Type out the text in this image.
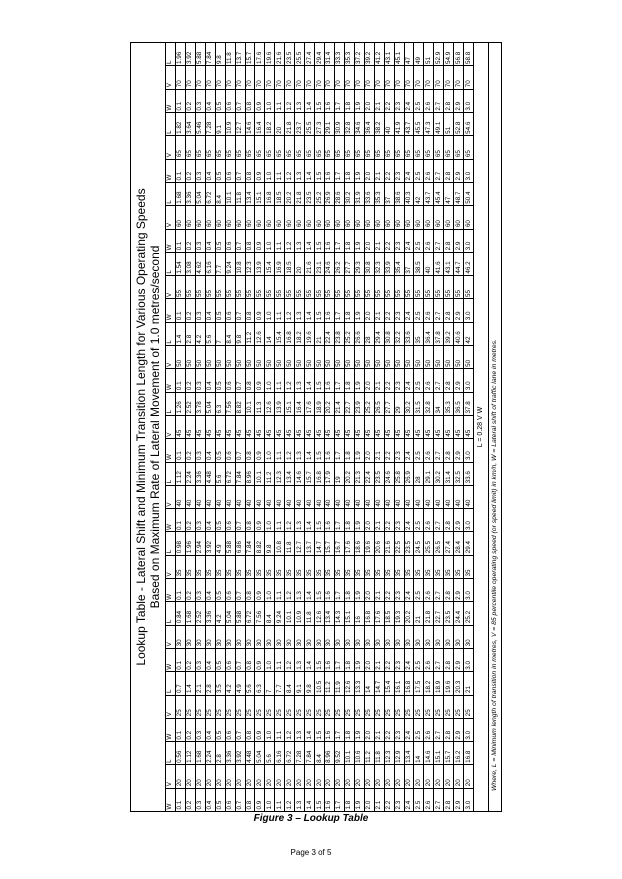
Lookup Table - Lateral Shift and Minimum Transition Length for Various Operating Speeds Based on Maximum Rate of Lateral Movement of 1.0 metres/second
W	V	L	W	V	L	W	V	L	W	V	L	W	V	L	W	V	L	W	V	L	W	V	L	W	V	L	W	V	L	W	V	L
0.1	20	0.56	0.1	25	0.7	0.1	30	0.84	0.1	35	0.98	0.1	40	1.12	0.1	45	1.26	0.1	50	1.4	0.1	55	1.54	0.1	60	1.68	0.1	65	1.82	0.1	70	1.96
0.2	20	1.12	0.2	25	1.4	0.2	30	1.68	0.2	35	1.96	0.2	40	2.24	0.2	45	2.52	0.2	50	2.8	0.2	55	3.08	0.2	60	3.36	0.2	65	3.64	0.2	70	3.92
0.3	20	1.68	0.3	25	2.1	0.3	30	2.52	0.3	35	2.94	0.3	40	3.36	0.3	45	3.78	0.3	50	4.2	0.3	55	4.62	0.3	60	5.04	0.3	65	5.46	0.3	70	5.88
0.4	20	2.24	0.4	25	2.8	0.4	30	3.36	0.4	35	3.92	0.4	40	4.48	0.4	45	5.04	0.4	50	5.6	0.4	55	6.16	0.4	60	6.72	0.4	65	7.28	0.4	70	7.84
0.5	20	2.8	0.5	25	3.5	0.5	30	4.2	0.5	35	4.9	0.5	40	5.6	0.5	45	6.3	0.5	50	7	0.5	55	7.7	0.5	60	8.4	0.5	65	9.1	0.5	70	9.8
0.6	20	3.36	0.6	25	4.2	0.6	30	5.04	0.6	35	5.88	0.6	40	6.72	0.6	45	7.56	0.6	50	8.4	0.6	55	9.24	0.6	60	10.1	0.6	65	10.9	0.6	70	11.8
0.7	20	3.92	0.7	25	4.9	0.7	30	5.88	0.7	35	6.86	0.7	40	7.84	0.7	45	8.82	0.7	50	9.8	0.7	55	10.8	0.7	60	11.8	0.7	65	12.7	0.7	70	13.7
0.8	20	4.48	0.8	25	5.6	0.8	30	6.72	0.8	35	7.84	0.8	40	8.96	0.8	45	10.1	0.8	50	11.2	0.8	55	12.3	0.8	60	13.4	0.8	65	14.6	0.8	70	15.7
0.9	20	5.04	0.9	25	6.3	0.9	30	7.56	0.9	35	8.82	0.9	40	10.1	0.9	45	11.3	0.9	50	12.6	0.9	55	13.9	0.9	60	15.1	0.9	65	16.4	0.9	70	17.6
1.0	20	5.6	1.0	25	7	1.0	30	8.4	1.0	35	9.8	1.0	40	11.2	1.0	45	12.6	1.0	50	14	1.0	55	15.4	1.0	60	16.8	1.0	65	18.2	1.0	70	19.6
1.1	20	6.16	1.1	25	7.7	1.1	30	9.24	1.1	35	10.8	1.1	40	12.3	1.1	45	13.9	1.1	50	15.4	1.1	55	16.9	1.1	60	18.5	1.1	65	20	1.1	70	21.6
1.2	20	6.72	1.2	25	8.4	1.2	30	10.1	1.2	35	11.8	1.2	40	13.4	1.2	45	15.1	1.2	50	16.8	1.2	55	18.5	1.2	60	20.2	1.2	65	21.8	1.2	70	23.5
1.3	20	7.28	1.3	25	9.1	1.3	30	10.9	1.3	35	12.7	1.3	40	14.6	1.3	45	16.4	1.3	50	18.2	1.3	55	20	1.3	60	21.8	1.3	65	23.7	1.3	70	25.5
1.4	20	7.84	1.4	25	9.8	1.4	30	11.8	1.4	35	13.7	1.4	40	15.7	1.4	45	17.6	1.4	50	19.6	1.4	55	21.6	1.4	60	23.5	1.4	65	25.5	1.4	70	27.4
1.5	20	8.4	1.5	25	10.5	1.5	30	12.6	1.5	35	14.7	1.5	40	16.8	1.5	45	18.9	1.5	50	21	1.5	55	23.1	1.5	60	25.2	1.5	65	27.3	1.5	70	29.4
1.6	20	8.96	1.6	25	11.2	1.6	30	13.4	1.6	35	15.7	1.6	40	17.9	1.6	45	20.2	1.6	50	22.4	1.6	55	24.6	1.6	60	26.9	1.6	65	29.1	1.6	70	31.4
1.7	20	9.52	1.7	25	11.9	1.7	30	14.3	1.7	35	16.7	1.7	40	19	1.7	45	21.4	1.7	50	23.8	1.7	55	26.2	1.7	60	28.6	1.7	65	30.9	1.7	70	33.3
1.8	20	10.1	1.8	25	12.6	1.8	30	15.1	1.8	35	17.6	1.8	40	20.2	1.8	45	22.7	1.8	50	25.2	1.8	55	27.7	1.8	60	30.2	1.8	65	32.8	1.8	70	35.3
1.9	20	10.6	1.9	25	13.3	1.9	30	16	1.9	35	18.6	1.9	40	21.3	1.9	45	23.9	1.9	50	26.6	1.9	55	29.3	1.9	60	31.9	1.9	65	34.6	1.9	70	37.2
2.0	20	11.2	2.0	25	14	2.0	30	16.8	2.0	35	19.6	2.0	40	22.4	2.0	45	25.2	2.0	50	28	2.0	55	30.8	2.0	60	33.6	2.0	65	36.4	2.0	70	39.2
2.1	20	11.8	2.1	25	14.7	2.1	30	17.6	2.1	35	20.6	2.1	40	23.5	2.1	45	26.5	2.1	50	29.4	2.1	55	32.3	2.1	60	35.3	2.1	65	38.2	2.1	70	41.2
2.2	20	12.3	2.2	25	15.4	2.2	30	18.5	2.2	35	21.6	2.2	40	24.6	2.2	45	27.7	2.2	50	30.8	2.2	55	33.9	2.2	60	37	2.2	65	40	2.2	70	43.1
2.3	20	12.9	2.3	25	16.1	2.3	30	19.3	2.3	35	22.5	2.3	40	25.8	2.3	45	29	2.3	50	32.2	2.3	55	35.4	2.3	60	38.6	2.3	65	41.9	2.3	70	45.1
2.4	20	13.4	2.4	25	16.8	2.4	30	20.2	2.4	35	23.5	2.4	40	26.9	2.4	45	30.2	2.4	50	33.6	2.4	55	37	2.4	60	40.3	2.4	65	43.7	2.4	70	47
2.5	20	14	2.5	25	17.5	2.5	30	21	2.5	35	24.5	2.5	40	28	2.5	45	31.5	2.5	50	35	2.5	55	38.5	2.5	60	42	2.5	65	45.5	2.5	70	49
2.6	20	14.6	2.6	25	18.2	2.6	30	21.8	2.6	35	25.5	2.6	40	29.1	2.6	45	32.8	2.6	50	36.4	2.6	55	40	2.6	60	43.7	2.6	65	47.3	2.6	70	51
2.7	20	15.1	2.7	25	18.9	2.7	30	22.7	2.7	35	26.5	2.7	40	30.2	2.7	45	34	2.7	50	37.8	2.7	55	41.6	2.7	60	45.4	2.7	65	49.1	2.7	70	52.9
2.8	20	15.7	2.8	25	19.6	2.8	30	23.5	2.8	35	27.4	2.8	40	31.4	2.8	45	35.3	2.8	50	39.2	2.8	55	43.1	2.8	60	47	2.8	65	51	2.8	70	54.9
2.9	20	16.2	2.9	25	20.3	2.9	30	24.4	2.9	35	28.4	2.9	40	32.5	2.9	45	36.5	2.9	50	40.6	2.9	55	44.7	2.9	60	48.7	2.9	65	52.8	2.9	70	56.8
3.0	20	16.8	3.0	25	21	3.0	30	25.2	3.0	35	29.4	3.0	40	33.6	3.0	45	37.8	3.0	50	42	3.0	55	46.2	3.0	60	50.4	3.0	65	54.6	3.0	70	58.8
L = 0.28 V W	Where, L = Minimum length of transition in metres, V = 85 percentile operating speed (or speed limit) in km/h, W = Lateral shift of traffic lane in metres.
Figure 3 – Lookup Table
Page 3 of 5
